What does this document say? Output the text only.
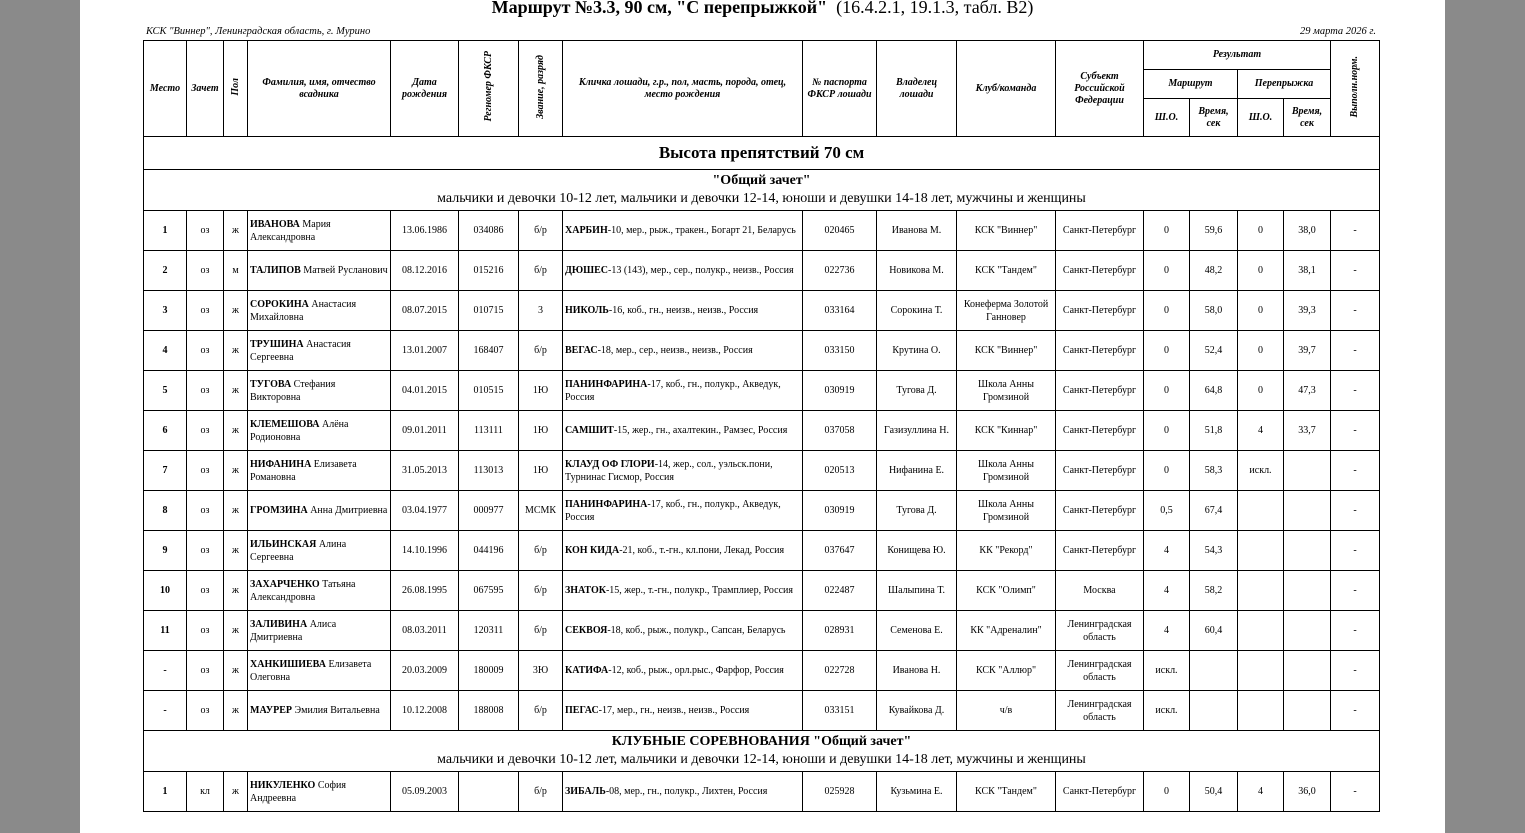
Маршрут №3.3, 90 см, "С перепрыжкой" (16.4.2.1, 19.1.3, табл. В2)
КСК "Виннер", Ленинградская область, г. Мурино	29 марта 2026 г.
Место	Зачет	Пол	Фамилия, имя, отчество всадника	Дата рождения	Регномер ФКСР	Звание, разряд	Кличка лошади, г.р., пол, масть, порода, отец, место рождения	№ паспорта ФКСР лошади	Владелец лошади	Клуб/команда	Субъект Российской Федерации	Результат				Выполн.норм.
												Маршрут		Перепрыжка		
												Ш.О.	Время, сек	Ш.О.	Время, сек	
Высота препятствий 70 см																

"Общий зачет"
мальчики и девочки 10-12 лет, мальчики и девочки 12-14, юноши и девушки 14-18 лет, мужчины и женщины																

1	оз	ж	ИВАНОВА Мария Александровна	13.06.1986	034086	б/р	ХАРБИН-10, мер., рыж., тракен., Богарт 21, Беларусь	020465	Иванова М.	КСК "Виннер"	Санкт-Петербург	0	59,6	0	38,0	-
2	оз	м	ТАЛИПОВ Матвей Русланович	08.12.2016	015216	б/р	ДЮШЕС-13 (143), мер., сер., полукр., неизв., Россия	022736	Новикова М.	КСК "Тандем"	Санкт-Петербург	0	48,2	0	38,1	-
3	оз	ж	СОРОКИНА Анастасия Михайловна	08.07.2015	010715	3	НИКОЛЬ-16, коб., гн., неизв., неизв., Россия	033164	Сорокина Т.	Конеферма Золотой Ганновер	Санкт-Петербург	0	58,0	0	39,3	-
4	оз	ж	ТРУШИНА Анастасия Сергеевна	13.01.2007	168407	б/р	ВЕГАС-18, мер., сер., неизв., неизв., Россия	033150	Крутина О.	КСК "Виннер"	Санкт-Петербург	0	52,4	0	39,7	-
5	оз	ж	ТУГОВА Стефания Викторовна	04.01.2015	010515	1Ю	ПАНИНФАРИНА-17, коб., гн., полукр., Акведук, Россия	030919	Тугова Д.	Школа Анны Громзиной	Санкт-Петербург	0	64,8	0	47,3	-
6	оз	ж	КЛЕМЕШОВА Алёна Родионовна	09.01.2011	113111	1Ю	САМШИТ-15, жер., гн., ахалтекин., Рамзес, Россия	037058	Газизуллина Н.	КСК "Киннар"	Санкт-Петербург	0	51,8	4	33,7	-
7	оз	ж	НИФАНИНА Елизавета Романовна	31.05.2013	113013	1Ю	КЛАУД ОФ ГЛОРИ-14, жер., сол., уэльск.пони, Турнинас Гисмор, Россия	020513	Нифанина Е.	Школа Анны Громзиной	Санкт-Петербург	0	58,3	искл.		-
8	оз	ж	ГРОМЗИНА Анна Дмитриевна	03.04.1977	000977	МСМК	ПАНИНФАРИНА-17, коб., гн., полукр., Акведук, Россия	030919	Тугова Д.	Школа Анны Громзиной	Санкт-Петербург	0,5	67,4			-
9	оз	ж	ИЛЬИНСКАЯ Алина Сергеевна	14.10.1996	044196	б/р	КОН КИДА-21, коб., т.-гн., кл.пони, Лекад, Россия	037647	Конищева Ю.	КК "Рекорд"	Санкт-Петербург	4	54,3			-
10	оз	ж	ЗАХАРЧЕНКО Татьяна Александровна	26.08.1995	067595	б/р	ЗНАТОК-15, жер., т.-гн., полукр., Трамплиер, Россия	022487	Шалыпина Т.	КСК "Олимп"	Москва	4	58,2			-
11	оз	ж	ЗАЛИВИНА Алиса Дмитриевна	08.03.2011	120311	б/р	СЕКВОЯ-18, коб., рыж., полукр., Сапсан, Беларусь	028931	Семенова Е.	КК "Адреналин"	Ленинградская область	4	60,4			-
-	оз	ж	ХАНКИШИЕВА Елизавета Олеговна	20.03.2009	180009	3Ю	КАТИФА-12, коб., рыж., орл.рыс., Фарфор, Россия	022728	Иванова Н.	КСК "Аллюр"	Ленинградская область	искл.				-
-	оз	ж	МАУРЕР Эмилия Витальевна	10.12.2008	188008	б/р	ПЕГАС-17, мер., гн., неизв., неизв., Россия	033151	Кувайкова Д.	ч/в	Ленинградская область	искл.				-

КЛУБНЫЕ СОРЕВНОВАНИЯ "Общий зачет"
мальчики и девочки 10-12 лет, мальчики и девочки 12-14, юноши и девушки 14-18 лет, мужчины и женщины																

1	кл	ж	НИКУЛЕНКО София Андреевна	05.09.2003		б/р	ЗИБАЛЬ-08, мер., гн., полукр., Лихтен, Россия	025928	Кузьмина Е.	КСК "Тандем"	Санкт-Петербург	0	50,4	4	36,0	-
